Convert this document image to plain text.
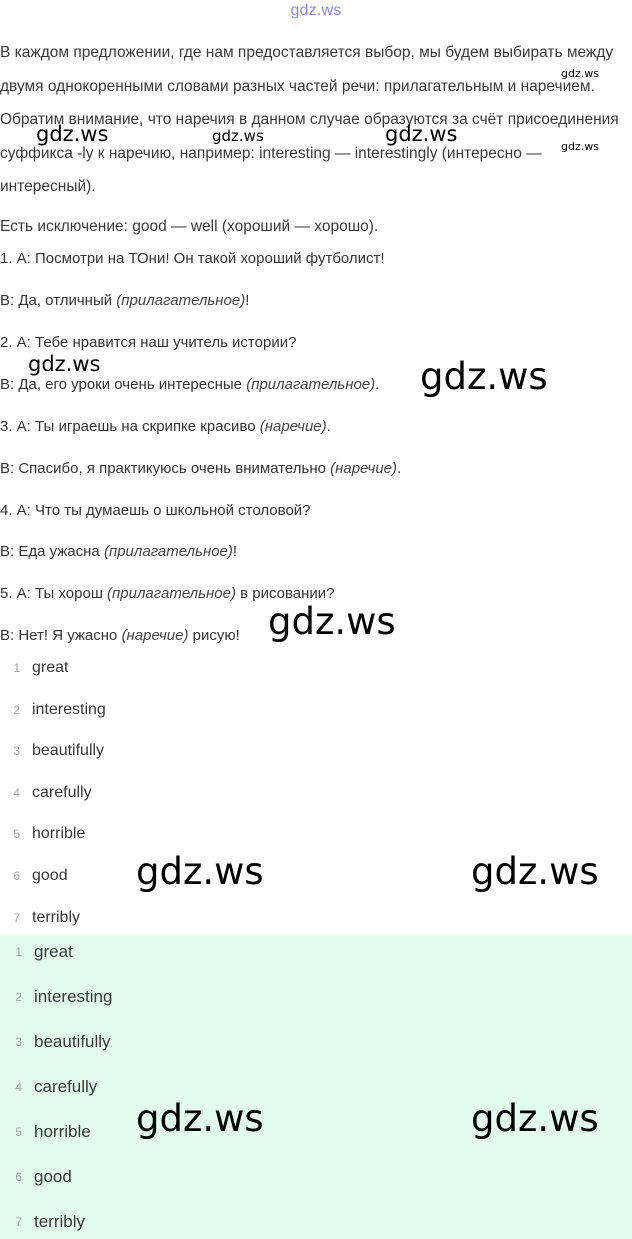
gdz.ws

В каждом предложении, где нам предоставляется выбор, мы будем выбирать между двумя однокоренными словами разных частей речи: прилагательным и наречием. Обратим внимание, что наречия в данном случае образуются за счёт присоединения суффикса -ly к наречию, например: interesting — interestingly (интересно — интересный).

Есть исключение: good — well (хороший — хорошо).

1. А: Посмотри на ТОни! Он такой хороший футболист!
В: Да, отличный (прилагательное)!
2. А: Тебе нравится наш учитель истории?
В: Да, его уроки очень интересные (прилагательное).
3. А: Ты играешь на скрипке красиво (наречие).
В: Спасибо, я практикуюсь очень внимательно (наречие).
4. А: Что ты думаешь о школьной столовой?
В: Еда ужасна (прилагательное)!
5. А: Ты хорош (прилагательное) в рисовании?
В: Нет! Я ужасно (наречие) рисую!
1 great
2 interesting
3 beautifully
4 carefully
5 horrible
6 good
7 terribly
1 great
2 interesting
3 beautifully
4 carefully
5 horrible
6 good
7 terribly
gdz.ws
gdz.ws
gdz.ws	gdz.ws	gdz.ws
gdz.ws	gdz.ws
gdz.ws
gdz.ws	gdz.ws
gdz.ws	gdz.ws
